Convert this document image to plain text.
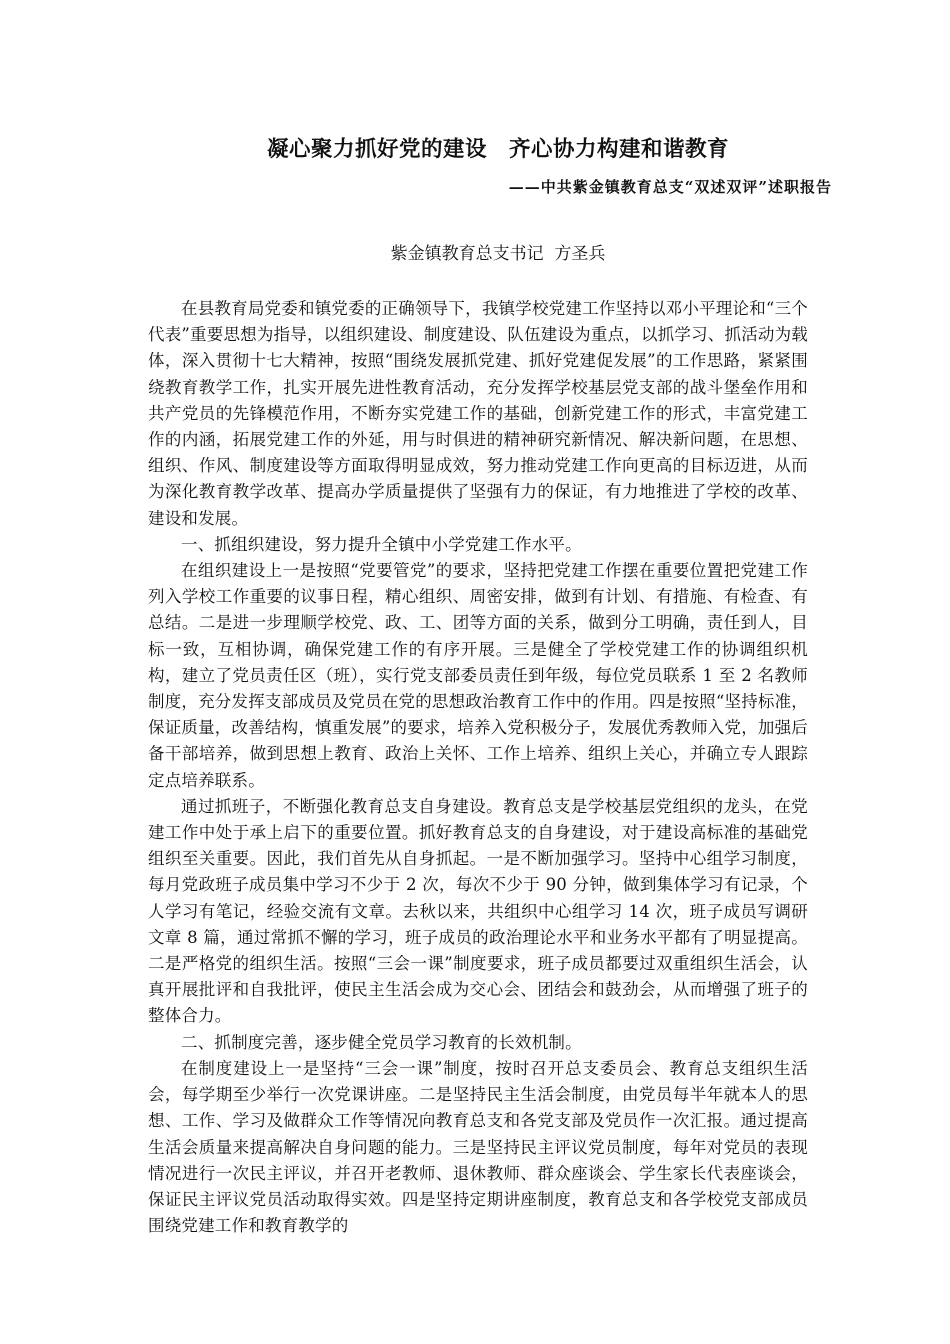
凝心聚力抓好党的建设　齐心协力构建和谐教育

——中共紫金镇教育总支“双述双评”述职报告

紫金镇教育总支书记  方圣兵

在县教育局党委和镇党委的正确领导下，我镇学校党建工作坚持以邓小平理论和“三个代表”重要思想为指导，以组织建设、制度建设、队伍建设为重点，以抓学习、抓活动为载体，深入贯彻十七大精神，按照“围绕发展抓党建、抓好党建促发展”的工作思路，紧紧围绕教育教学工作，扎实开展先进性教育活动，充分发挥学校基层党支部的战斗堡垒作用和共产党员的先锋模范作用，不断夯实党建工作的基础，创新党建工作的形式，丰富党建工作的内涵，拓展党建工作的外延，用与时俱进的精神研究新情况、解决新问题，在思想、组织、作风、制度建设等方面取得明显成效，努力推动党建工作向更高的目标迈进，从而为深化教育教学改革、提高办学质量提供了坚强有力的保证，有力地推进了学校的改革、建设和发展。

一、抓组织建设，努力提升全镇中小学党建工作水平。

在组织建设上一是按照“党要管党”的要求，坚持把党建工作摆在重要位置把党建工作列入学校工作重要的议事日程，精心组织、周密安排，做到有计划、有措施、有检查、有总结。二是进一步理顺学校党、政、工、团等方面的关系，做到分工明确，责任到人，目标一致，互相协调，确保党建工作的有序开展。三是健全了学校党建工作的协调组织机构，建立了党员责任区（班），实行党支部委员责任到年级，每位党员联系 1 至 2 名教师制度，充分发挥支部成员及党员在党的思想政治教育工作中的作用。四是按照“坚持标准，保证质量，改善结构，慎重发展”的要求，培养入党积极分子，发展优秀教师入党，加强后备干部培养，做到思想上教育、政治上关怀、工作上培养、组织上关心，并确立专人跟踪定点培养联系。

通过抓班子，不断强化教育总支自身建设。教育总支是学校基层党组织的龙头，在党建工作中处于承上启下的重要位置。抓好教育总支的自身建设，对于建设高标准的基础党组织至关重要。因此，我们首先从自身抓起。一是不断加强学习。坚持中心组学习制度，每月党政班子成员集中学习不少于 2 次，每次不少于 90 分钟，做到集体学习有记录，个人学习有笔记，经验交流有文章。去秋以来，共组织中心组学习 14 次，班子成员写调研文章 8 篇，通过常抓不懈的学习，班子成员的政治理论水平和业务水平都有了明显提高。二是严格党的组织生活。按照“三会一课”制度要求，班子成员都要过双重组织生活会，认真开展批评和自我批评，使民主生活会成为交心会、团结会和鼓劲会，从而增强了班子的整体合力。

二、抓制度完善，逐步健全党员学习教育的长效机制。

在制度建设上一是坚持“三会一课”制度，按时召开总支委员会、教育总支组织生活会，每学期至少举行一次党课讲座。二是坚持民主生活会制度，由党员每半年就本人的思想、工作、学习及做群众工作等情况向教育总支和各党支部及党员作一次汇报。通过提高生活会质量来提高解决自身问题的能力。三是坚持民主评议党员制度，每年对党员的表现情况进行一次民主评议，并召开老教师、退休教师、群众座谈会、学生家长代表座谈会，保证民主评议党员活动取得实效。四是坚持定期讲座制度，教育总支和各学校党支部成员围绕党建工作和教育教学的
